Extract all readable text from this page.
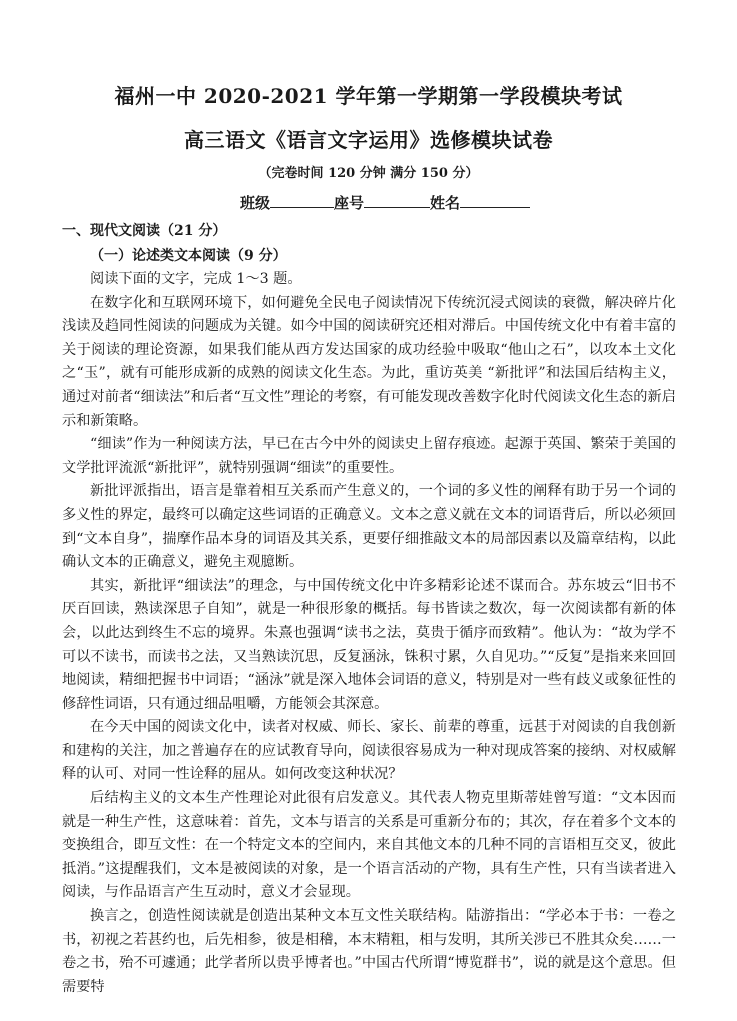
福州一中 2020-2021 学年第一学期第一学段模块考试
高三语文《语言文字运用》选修模块试卷
（完卷时间 120 分钟 满分 150 分）
班级	座号	姓名
一、现代文阅读（21 分）
（一）论述类文本阅读（9 分）

阅读下面的文字，完成 1～3 题。

在数字化和互联网环境下，如何避免全民电子阅读情况下传统沉浸式阅读的衰微，解决碎片化浅读及趋同性阅读的问题成为关键。如今中国的阅读研究还相对滞后。中国传统文化中有着丰富的关于阅读的理论资源，如果我们能从西方发达国家的成功经验中吸取“他山之石”，以攻本土文化之“玉”，就有可能形成新的成熟的阅读文化生态。为此，重访英美 “新批评”和法国后结构主义，通过对前者“细读法”和后者“互文性”理论的考察，有可能发现改善数字化时代阅读文化生态的新启示和新策略。

“细读”作为一种阅读方法，早已在古今中外的阅读史上留存痕迹。起源于英国、繁荣于美国的文学批评流派“新批评”，就特别强调“细读”的重要性。

新批评派指出，语言是靠着相互关系而产生意义的，一个词的多义性的阐释有助于另一个词的多义性的界定，最终可以确定这些词语的正确意义。文本之意义就在文本的词语背后，所以必须回到“文本自身”，揣摩作品本身的词语及其关系，更要仔细推敲文本的局部因素以及篇章结构，以此确认文本的正确意义，避免主观臆断。

其实，新批评“细读法”的理念，与中国传统文化中许多精彩论述不谋而合。苏东坡云“旧书不厌百回读，熟读深思子自知”，就是一种很形象的概括。每书皆读之数次，每一次阅读都有新的体会，以此达到终生不忘的境界。朱熹也强调“读书之法，莫贵于循序而致精”。他认为：“故为学不可以不读书，而读书之法，又当熟读沉思，反复涵泳，铢积寸累，久自见功。”“反复”是指来来回回地阅读，精细把握书中词语；“涵泳”就是深入地体会词语的意义，特别是对一些有歧义或象征性的修辞性词语，只有通过细品咀嚼，方能领会其深意。

在今天中国的阅读文化中，读者对权威、师长、家长、前辈的尊重，远甚于对阅读的自我创新和建构的关注，加之普遍存在的应试教育导向，阅读很容易成为一种对现成答案的接纳、对权威解释的认可、对同一性诠释的屈从。如何改变这种状况？

后结构主义的文本生产性理论对此很有启发意义。其代表人物克里斯蒂娃曾写道：“文本因而就是一种生产性，这意味着：首先，文本与语言的关系是可重新分布的；其次，存在着多个文本的变换组合，即互文性：在一个特定文本的空间内，来自其他文本的几种不同的言语相互交叉，彼此抵消。”这提醒我们，文本是被阅读的对象，是一个语言活动的产物，具有生产性，只有当读者进入阅读，与作品语言产生互动时，意义才会显现。

换言之，创造性阅读就是创造出某种文本互文性关联结构。陆游指出：“学必本于书：一卷之书，初视之若甚约也，后先相参，彼是相稽，本末精粗，相与发明，其所关涉已不胜其众矣……一卷之书，殆不可遽通；此学者所以贵乎博者也。”中国古代所谓“博览群书”，说的就是这个意思。但需要特
